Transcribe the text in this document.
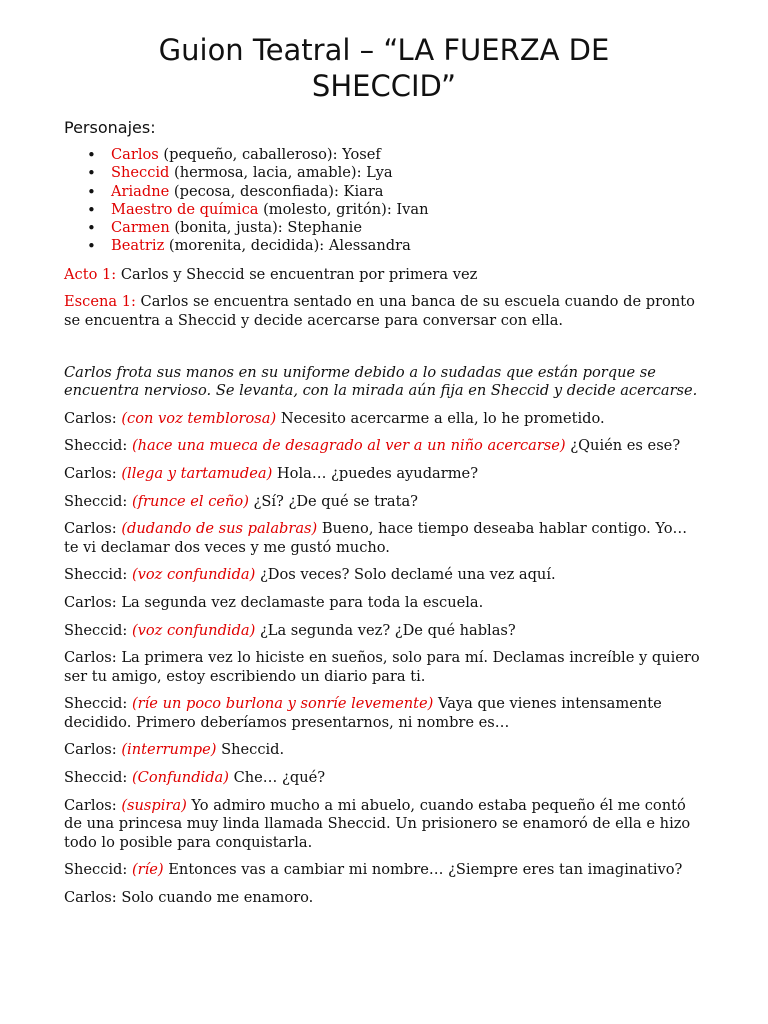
Guion Teatral – “LA FUERZA DE SHECCID”
Personajes:
• Carlos (pequeño, caballeroso): Yosef
• Sheccid (hermosa, lacia, amable): Lya
• Ariadne (pecosa, desconfiada): Kiara
• Maestro de química (molesto, gritón): Ivan
• Carmen (bonita, justa): Stephanie
• Beatriz (morenita, decidida): Alessandra

Acto 1: Carlos y Sheccid se encuentran por primera vez

Escena 1: Carlos se encuentra sentado en una banca de su escuela cuando de pronto se encuentra a Sheccid y decide acercarse para conversar con ella.

Carlos frota sus manos en su uniforme debido a lo sudadas que están porque se encuentra nervioso. Se levanta, con la mirada aún fija en Sheccid y decide acercarse.

Carlos: (con voz temblorosa) Necesito acercarme a ella, lo he prometido.

Sheccid: (hace una mueca de desagrado al ver a un niño acercarse) ¿Quién es ese?

Carlos: (llega y tartamudea) Hola… ¿puedes ayudarme?

Sheccid: (frunce el ceño) ¿Sí? ¿De qué se trata?

Carlos: (dudando de sus palabras) Bueno, hace tiempo deseaba hablar contigo. Yo… te vi declamar dos veces y me gustó mucho.

Sheccid: (voz confundida) ¿Dos veces? Solo declamé una vez aquí.

Carlos: La segunda vez declamaste para toda la escuela.

Sheccid: (voz confundida) ¿La segunda vez? ¿De qué hablas?

Carlos: La primera vez lo hiciste en sueños, solo para mí. Declamas increíble y quiero ser tu amigo, estoy escribiendo un diario para ti.

Sheccid: (ríe un poco burlona y sonríe levemente) Vaya que vienes intensamente decidido. Primero deberíamos presentarnos, ni nombre es…

Carlos: (interrumpe) Sheccid.

Sheccid: (Confundida) Che… ¿qué?

Carlos: (suspira) Yo admiro mucho a mi abuelo, cuando estaba pequeño él me contó de una princesa muy linda llamada Sheccid. Un prisionero se enamoró de ella e hizo todo lo posible para conquistarla.

Sheccid: (ríe) Entonces vas a cambiar mi nombre… ¿Siempre eres tan imaginativo?

Carlos: Solo cuando me enamoro.
